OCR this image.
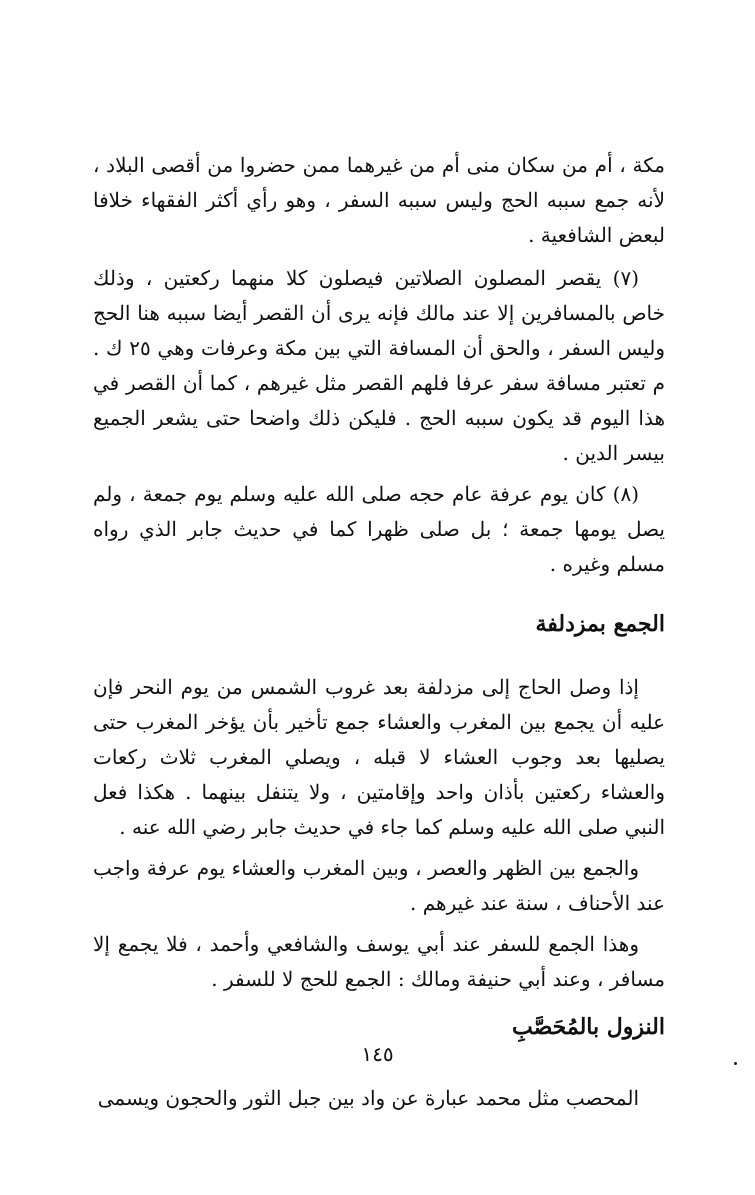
مكة ، أم من سكان منى أم من غيرهما ممن حضروا من أقصى البلاد ، لأنه جمع سببه الحج وليس سببه السفر ، وهو رأي أكثر الفقهاء خلافا لبعض الشافعية .

(٧) يقصر المصلون الصلاتين فيصلون كلا منهما ركعتين ، وذلك خاص بالمسافرين إلا عند مالك فإنه يرى أن القصر أيضا سببه هنا الحج وليس السفر ، والحق أن المسافة التي بين مكة وعرفات وهي ٢٥ ك . م تعتبر مسافة سفر عرفا فلهم القصر مثل غيرهم ، كما أن القصر في هذا اليوم قد يكون سببه الحج . فليكن ذلك واضحا حتى يشعر الجميع بيسر الدين .

(٨) كان يوم عرفة عام حجه صلى الله عليه وسلم يوم جمعة ، ولم يصل يومها جمعة ؛ بل صلى ظهرا كما في حديث جابر الذي رواه مسلم وغيره .

الجمع بمزدلفة

إذا وصل الحاج إلى مزدلفة بعد غروب الشمس من يوم النحر فإن عليه أن يجمع بين المغرب والعشاء جمع تأخير بأن يؤخر المغرب حتى يصليها بعد وجوب العشاء لا قبله ، ويصلي المغرب ثلاث ركعات والعشاء ركعتين بأذان واحد وإقامتين ، ولا يتنفل بينهما . هكذا فعل النبي صلى الله عليه وسلم كما جاء في حديث جابر رضي الله عنه .

والجمع بين الظهر والعصر ، وبين المغرب والعشاء يوم عرفة واجب عند الأحناف ، سنة عند غيرهم .

وهذا الجمع للسفر عند أبي يوسف والشافعي وأحمد ، فلا يجمع إلا مسافر ، وعند أبي حنيفة ومالك : الجمع للحج لا للسفر .

النزول بالمُحَصَّبِ

المحصب مثل محمد عبارة عن واد بين جبل الثور والحجون ويسمى

١٤٥
